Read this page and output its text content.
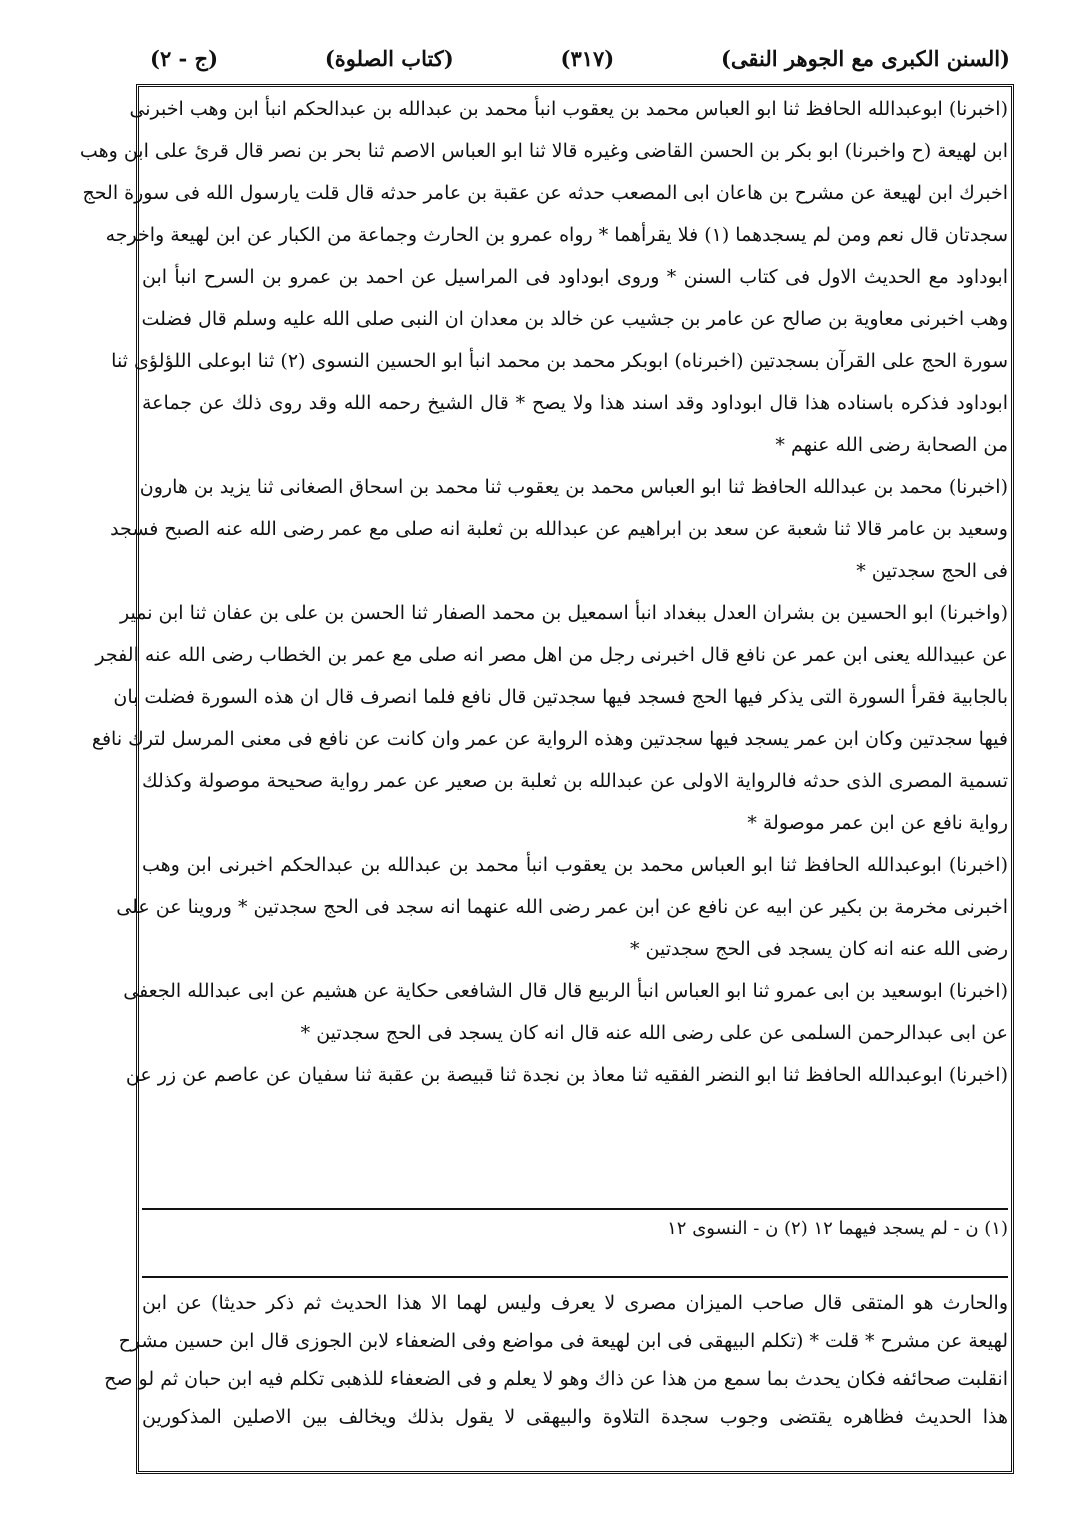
(السنن الكبرى مع الجوهر النقى)
(٣١٧)
(كتاب الصلوة)
(ج - ٢)
(اخبرنا) ابوعبدالله الحافظ ثنا ابو العباس محمد بن يعقوب انبأ محمد بن عبدالله بن عبدالحكم انبأ ابن وهب اخبرنى
ابن لهيعة (ح واخبرنا) ابو بكر بن الحسن القاضى وغيره قالا ثنا ابو العباس الاصم ثنا بحر بن نصر قال قرئ على ابن وهب
اخبرك ابن لهيعة عن مشرح بن هاعان ابى المصعب حدثه عن عقبة بن عامر حدثه قال قلت يارسول الله فى سورة الحج
سجدتان قال نعم ومن لم يسجدهما (١) فلا يقرأهما * رواه عمرو بن الحارث وجماعة من الكبار عن ابن لهيعة واخرجه
ابوداود مع الحديث الاول فى كتاب السنن * وروى ابوداود فى المراسيل عن احمد بن عمرو بن السرح انبأ ابن
وهب اخبرنى معاوية بن صالح عن عامر بن جشيب عن خالد بن معدان ان النبى صلى الله عليه وسلم قال فضلت
سورة الحج على القرآن بسجدتين (اخبرناه) ابوبكر محمد بن محمد انبأ ابو الحسين النسوى (٢) ثنا ابوعلى اللؤلؤى ثنا
ابوداود فذكره باسناده هذا قال ابوداود وقد اسند هذا ولا يصح * قال الشيخ رحمه الله وقد روى ذلك عن جماعة
من الصحابة رضى الله عنهم *
(اخبرنا) محمد بن عبدالله الحافظ ثنا ابو العباس محمد بن يعقوب ثنا محمد بن اسحاق الصغانى ثنا يزيد بن هارون
وسعيد بن عامر قالا ثنا شعبة عن سعد بن ابراهيم عن عبدالله بن ثعلبة انه صلى مع عمر رضى الله عنه الصبح فسجد
فى الحج سجدتين *
(واخبرنا) ابو الحسين بن بشران العدل ببغداد انبأ اسمعيل بن محمد الصفار ثنا الحسن بن على بن عفان ثنا ابن نمير
عن عبيدالله يعنى ابن عمر عن نافع قال اخبرنى رجل من اهل مصر انه صلى مع عمر بن الخطاب رضى الله عنه الفجر
بالجابية فقرأ السورة التى يذكر فيها الحج فسجد فيها سجدتين قال نافع فلما انصرف قال ان هذه السورة فضلت بان
فيها سجدتين وكان ابن عمر يسجد فيها سجدتين وهذه الرواية عن عمر وان كانت عن نافع فى معنى المرسل لترك نافع
تسمية المصرى الذى حدثه فالرواية الاولى عن عبدالله بن ثعلبة بن صعير عن عمر رواية صحيحة موصولة وكذلك
رواية نافع عن ابن عمر موصولة *
(اخبرنا) ابوعبدالله الحافظ ثنا ابو العباس محمد بن يعقوب انبأ محمد بن عبدالله بن عبدالحكم اخبرنى ابن وهب
اخبرنى مخرمة بن بكير عن ابيه عن نافع عن ابن عمر رضى الله عنهما انه سجد فى الحج سجدتين * وروينا عن على
رضى الله عنه انه كان يسجد فى الحج سجدتين *
(اخبرنا) ابوسعيد بن ابى عمرو ثنا ابو العباس انبأ الربيع قال قال الشافعى حكاية عن هشيم عن ابى عبدالله الجعفى
عن ابى عبدالرحمن السلمى عن على رضى الله عنه قال انه كان يسجد فى الحج سجدتين *
(اخبرنا) ابوعبدالله الحافظ ثنا ابو النضر الفقيه ثنا معاذ بن نجدة ثنا قبيصة بن عقبة ثنا سفيان عن عاصم عن زر عن
(١) ن - لم يسجد فيهما ١٢ (٢) ن - النسوى ١٢
والحارث هو المتقى قال صاحب الميزان مصرى لا يعرف وليس لهما الا هذا الحديث ثم ذكر حديثا) عن ابن
لهيعة عن مشرح * قلت * (تكلم البيهقى فى ابن لهيعة فى مواضع وفى الضعفاء لابن الجوزى قال ابن حسين مشرح
انقلبت صحائفه فكان يحدث بما سمع من هذا عن ذاك وهو لا يعلم و فى الضعفاء للذهبى تكلم فيه ابن حبان ثم لو صح
هذا الحديث فظاهره يقتضى وجوب سجدة التلاوة والبيهقى لا يقول بذلك ويخالف بين الاصلين المذكورين
